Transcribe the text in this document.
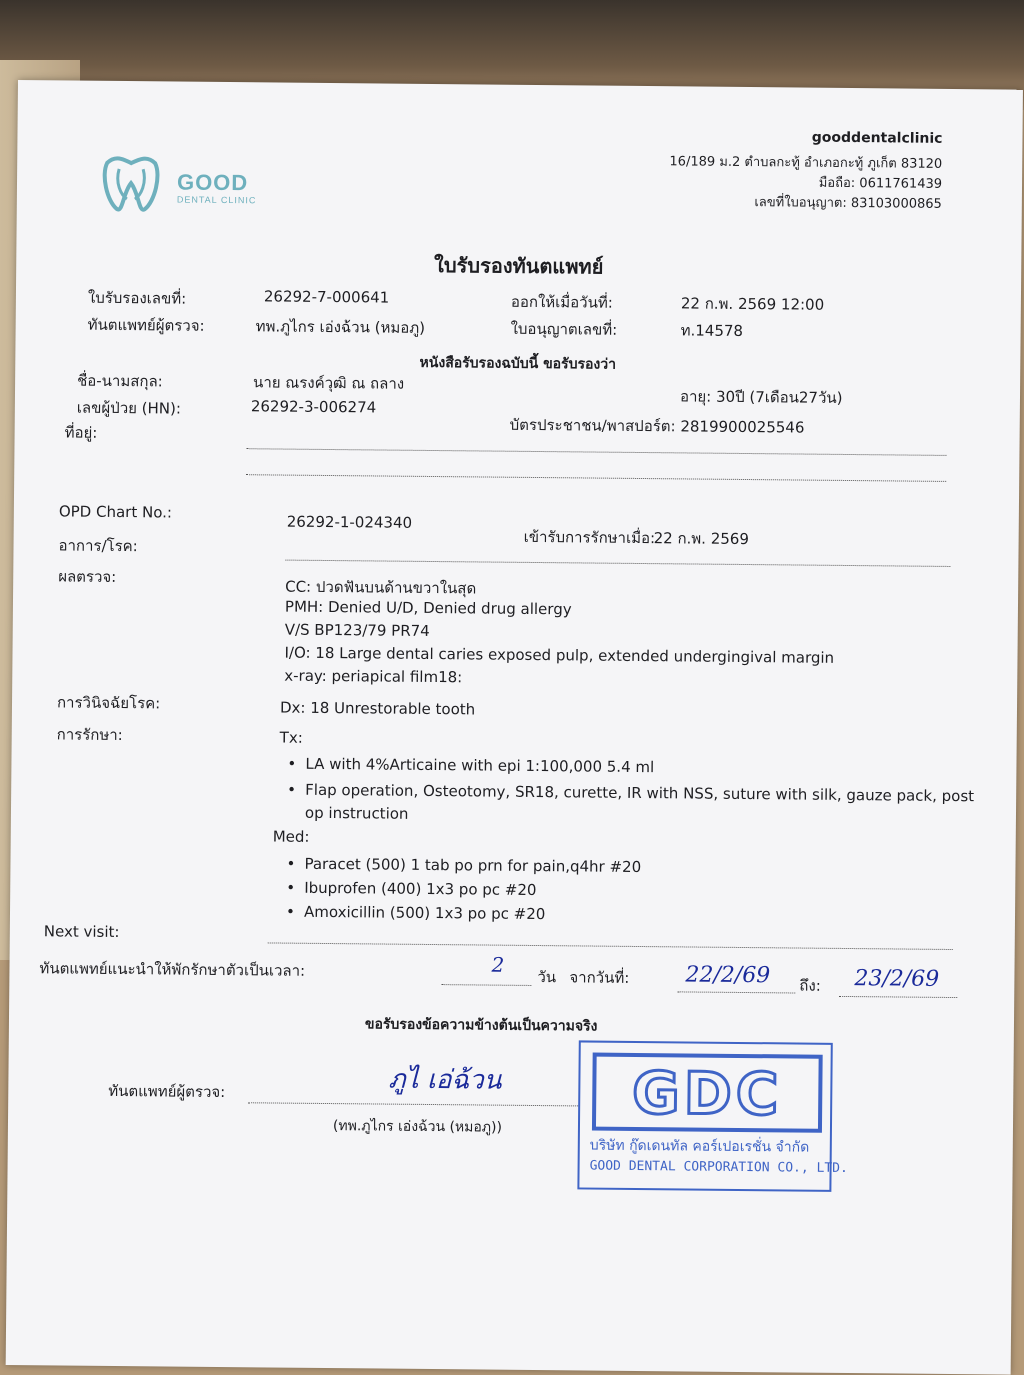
GOOD
DENTAL CLINIC
gooddentalclinic
16/189 ม.2 ตำบลกะทู้ อำเภอกะทู้ ภูเก็ต 83120
มือถือ: 0611761439
เลขที่ใบอนุญาต: 83103000865
ใบรับรองทันตแพทย์
ใบรับรองเลขที่:	26292-7-000641	ออกให้เมื่อวันที่:	22 ก.พ. 2569 12:00
ทันตแพทย์ผู้ตรวจ:	ทพ.ภูไกร เอ่งฉ้วน (หมอภู)	ใบอนุญาตเลขที่:	ท.14578
หนังสือรับรองฉบับนี้ ขอรับรองว่า
ชื่อ-นามสกุล:	นาย ณรงค์วุฒิ ณ ถลาง
อายุ: 30ปี (7เดือน27วัน)
เลขผู้ป่วย (HN):	26292-3-006274
บัตรประชาชน/พาสปอร์ต: 2819900025546
ที่อยู่:
OPD Chart No.:
26292-1-024340
เข้ารับการรักษาเมื่อ:
22 ก.พ. 2569
อาการ/โรค:
ผลตรวจ:
CC: ปวดฟันบนด้านขวาในสุด
PMH: Denied U/D, Denied drug allergy
V/S BP123/79 PR74
I/O: 18 Large dental caries exposed pulp, extended undergingival margin
x-ray: periapical film18:
การวินิจฉัยโรค:	Dx: 18 Unrestorable tooth
การรักษา:	Tx:
• LA with 4%Articaine with epi 1:100,000 5.4 ml
• Flap operation, Osteotomy, SR18, curette, IR with NSS, suture with silk, gauze pack, post
op instruction
Med:
• Paracet (500) 1 tab po prn for pain,q4hr #20
• Ibuprofen (400) 1x3 po pc #20
• Amoxicillin (500) 1x3 po pc #20
Next visit:
ทันตแพทย์แนะนำให้พักรักษาตัวเป็นเวลา:	2
วัน จากวันที่:	22/2/69 ถึง: 23/2/69
ขอรับรองข้อความข้างต้นเป็นความจริง
ทันตแพทย์ผู้ตรวจ:	ภูไ เอ่ฉ้วน
(ทพ.ภูไกร เอ่งฉ้วน (หมอภู))	GDC
บริษัท กู๊ดเดนทัล คอร์เปอเรชั่น จำกัด
GOOD DENTAL CORPORATION CO., LTD.
